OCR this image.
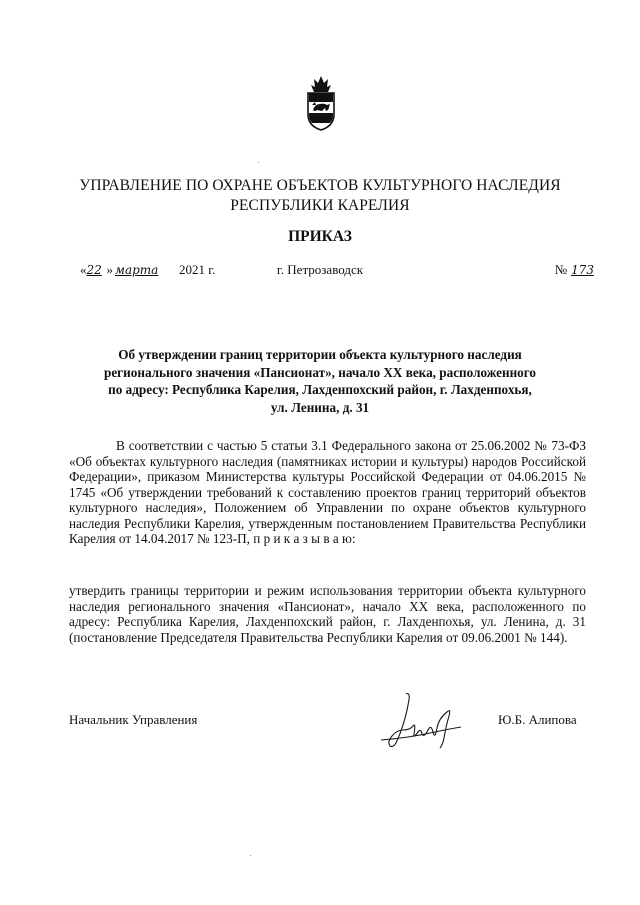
УПРАВЛЕНИЕ ПО ОХРАНЕ ОБЪЕКТОВ КУЛЬТУРНОГО НАСЛЕДИЯ РЕСПУБЛИКИ КАРЕЛИЯ
ПРИКАЗ
«22 » марта 2021 г.	г. Петрозаводск	№ 173
Об утверждении границ территории объекта культурного наследия регионального значения «Пансионат», начало XX века, расположенного по адресу: Республика Карелия, Лахденпохский район, г. Лахденпохья, ул. Ленина, д. 31
В соответствии с частью 5 статьи 3.1 Федерального закона от 25.06.2002 № 73-ФЗ «Об объектах культурного наследия (памятниках истории и культуры) народов Российской Федерации», приказом Министерства культуры Российской Федерации от 04.06.2015 № 1745 «Об утверждении требований к составлению проектов границ территорий объектов культурного наследия», Положением об Управлении по охране объектов культурного наследия Республики Карелия, утвержденным постановлением Правительства Республики Карелия от 14.04.2017 № 123-П, п р и к а з ы в а ю:
утвердить границы территории и режим использования территории объекта культурного наследия регионального значения «Пансионат», начало XX века, расположенного по адресу: Республика Карелия, Лахденпохский район, г. Лахденпохья, ул. Ленина, д. 31 (постановление Председателя Правительства Республики Карелия от 09.06.2001 № 144).
Начальник Управления	Ю.Б. Алипова
